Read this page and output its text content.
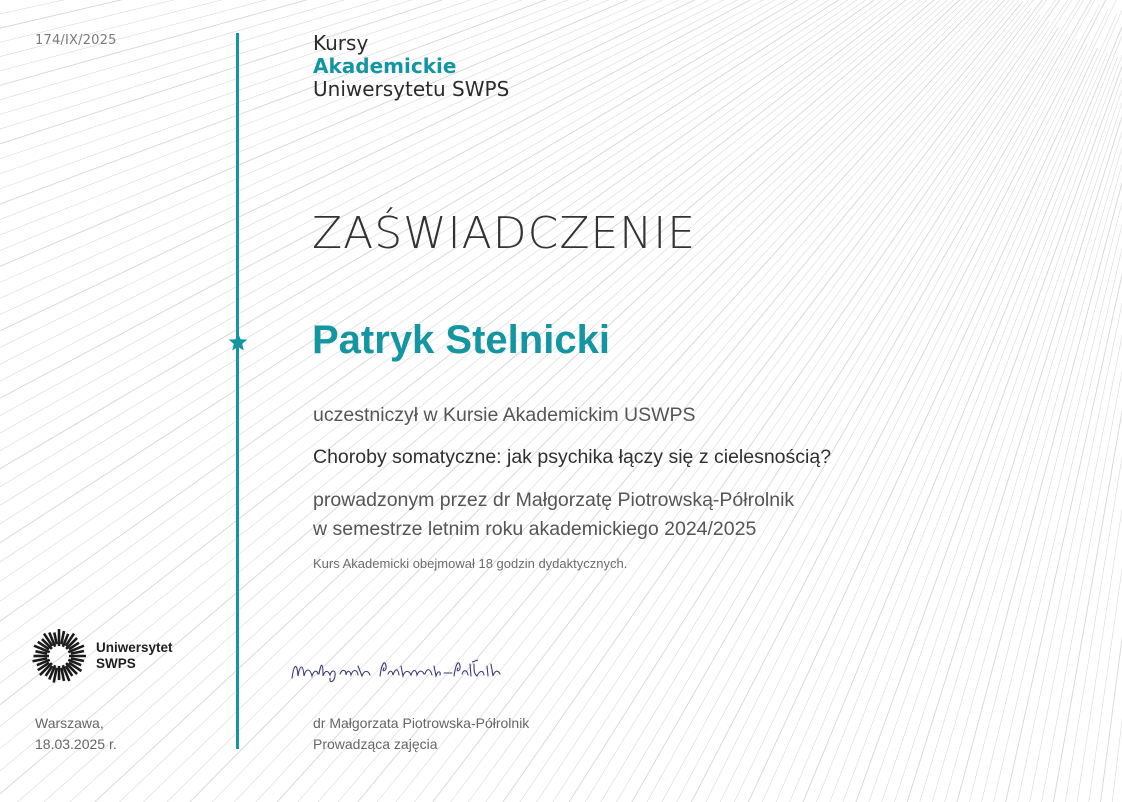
174/IX/2025	Kursy
Akademickie
Uniwersytetu SWPS
ZAŚWIADCZENIE
Patryk Stelnicki
uczestniczył w Kursie Akademickim USWPS
Choroby somatyczne: jak psychika łączy się z cielesnością?
prowadzonym przez dr Małgorzatę Piotrowską-Półrolnik
w semestrze letnim roku akademickiego 2024/2025
Kurs Akademicki obejmował 18 godzin dydaktycznych.
Uniwersytet
SWPS
Warszawa,
18.03.2025 r.
dr Małgorzata Piotrowska-Półrolnik
Prowadząca zajęcia
